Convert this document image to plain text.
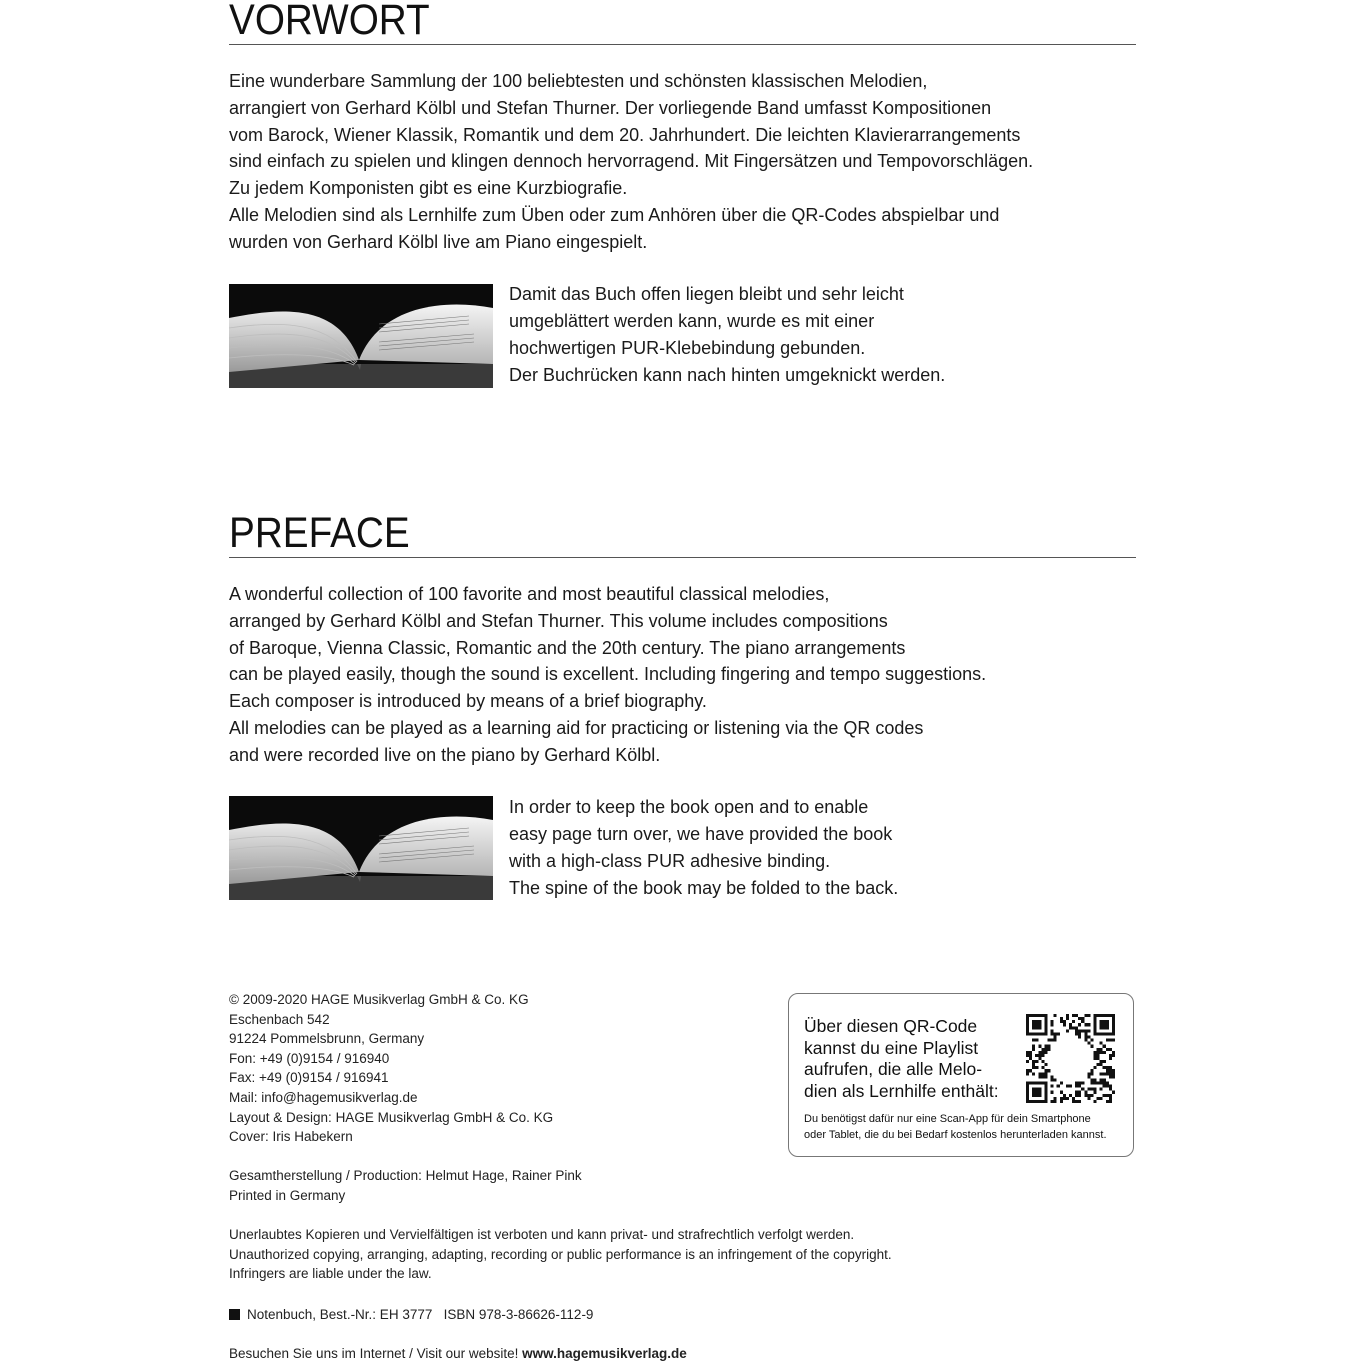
VORWORT
Eine wunderbare Sammlung der 100 beliebtesten und schönsten klassischen Melodien,
arrangiert von Gerhard Kölbl und Stefan Thurner. Der vorliegende Band umfasst Kompositionen
vom Barock, Wiener Klassik, Romantik und dem 20. Jahrhundert. Die leichten Klavierarrangements
sind einfach zu spielen und klingen dennoch hervorragend. Mit Fingersätzen und Tempovorschlägen.
Zu jedem Komponisten gibt es eine Kurzbiografie.
Alle Melodien sind als Lernhilfe zum Üben oder zum Anhören über die QR-Codes abspielbar und
wurden von Gerhard Kölbl live am Piano eingespielt.
Damit das Buch offen liegen bleibt und sehr leicht
umgeblättert werden kann, wurde es mit einer
hochwertigen PUR-Klebebindung gebunden.
Der Buchrücken kann nach hinten umgeknickt werden.
PREFACE
A wonderful collection of 100 favorite and most beautiful classical melodies,
arranged by Gerhard Kölbl and Stefan Thurner. This volume includes compositions
of Baroque, Vienna Classic, Romantic and the 20th century. The piano arrangements
can be played easily, though the sound is excellent. Including fingering and tempo suggestions.
Each composer is introduced by means of a brief biography.
All melodies can be played as a learning aid for practicing or listening via the QR codes
and were recorded live on the piano by Gerhard Kölbl.
In order to keep the book open and to enable
easy page turn over, we have provided the book
with a high-class PUR adhesive binding.
The spine of the book may be folded to the back.
© 2009-2020 HAGE Musikverlag GmbH & Co. KG
Eschenbach 542
91224 Pommelsbrunn, Germany
Fon: +49 (0)9154 / 916940
Fax: +49 (0)9154 / 916941
Mail: info@hagemusikverlag.de
Layout & Design: HAGE Musikverlag GmbH & Co. KG
Cover: Iris Habekern
Gesamtherstellung / Production: Helmut Hage, Rainer Pink
Printed in Germany
Unerlaubtes Kopieren und Vervielfältigen ist verboten und kann privat- und strafrechtlich verfolgt werden.
Unauthorized copying, arranging, adapting, recording or public performance is an infringement of the copyright.
Infringers are liable under the law.
Notenbuch, Best.-Nr.: EH 3777   ISBN 978-3-86626-112-9
Besuchen Sie uns im Internet / Visit our website! www.hagemusikverlag.de
Über diesen QR-Code
kannst du eine Playlist
aufrufen, die alle Melo-
dien als Lernhilfe enthält:
Du benötigst dafür nur eine Scan-App für dein Smartphone
oder Tablet, die du bei Bedarf kostenlos herunterladen kannst.
